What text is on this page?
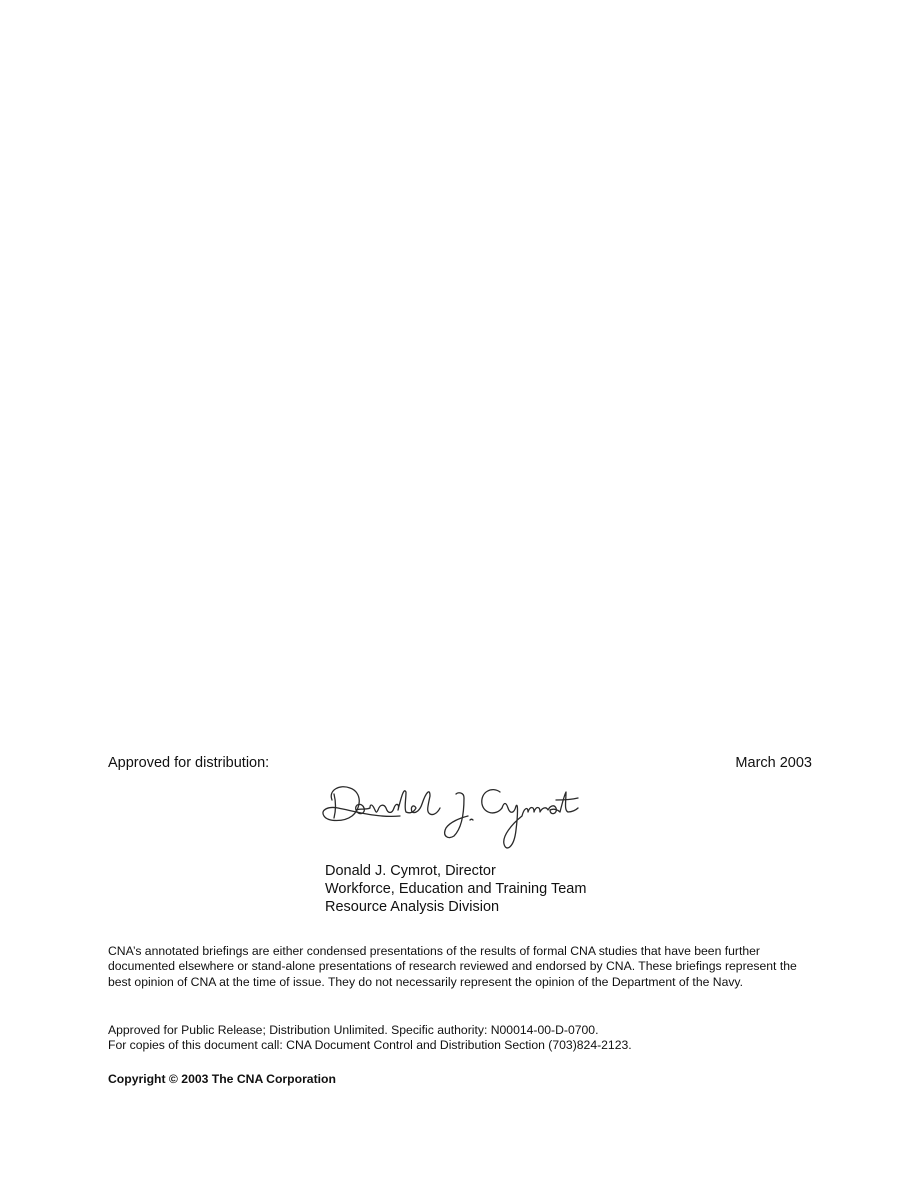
Approved for distribution:	March 2003
Donald J. Cymrot, Director
Workforce, Education and Training Team
Resource Analysis Division
CNA’s annotated briefings are either condensed presentations of the results of formal CNA studies that have been further documented elsewhere or stand-alone presentations of research reviewed and endorsed by CNA. These briefings represent the best opinion of CNA at the time of issue. They do not necessarily represent the opinion of the Department of the Navy.
Approved for Public Release; Distribution Unlimited. Specific authority: N00014-00-D-0700.
For copies of this document call: CNA Document Control and Distribution Section (703)824-2123.
Copyright © 2003 The CNA Corporation
